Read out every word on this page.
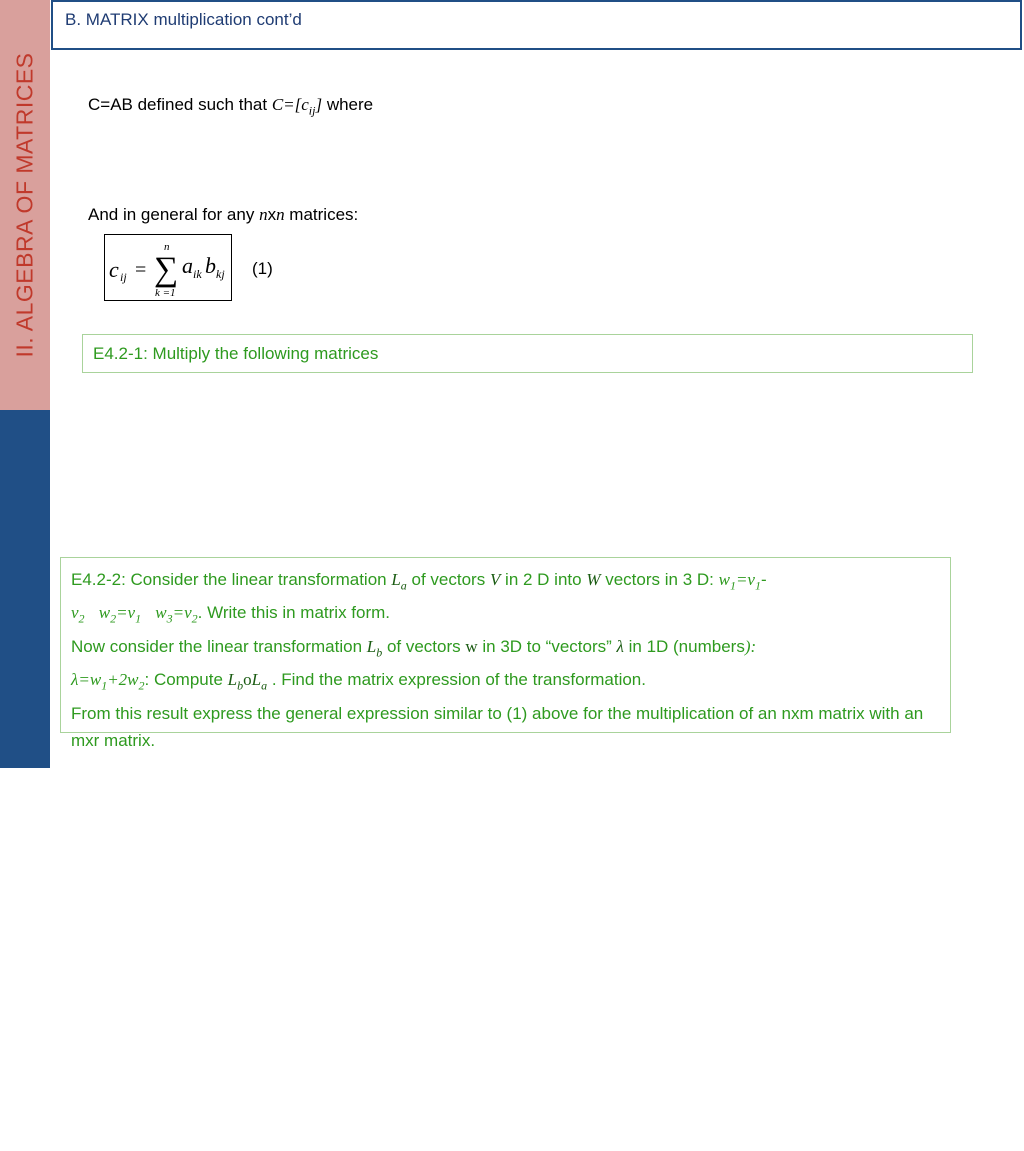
II. ALGEBRA OF MATRICES
PHY 301: MATH AND NUM TECH
B. MATRIX multiplication cont’d
C=AB defined such that $C=[c_{ij}]$ where
And in general for any nxn matrices:
c ij =
n
∑
k =1
a ik b kj (1)
E4.2-1: Multiply the following matrices
E4.2-2: Consider the linear transformation $L_a$ of vectors V in 2 D into W vectors in 3 D: $w_1=v_1-$
$v_2$ $w_2=v_1$ $w_3=v_2$. Write this in matrix form.
Now consider the linear transformation $L_b$ of vectors w in 3D to “vectors” λ in 1D (numbers):
$\lambda=w_1+2w_2$: Compute $L_boL_a$ . Find the matrix expression of the transformation.
From this result express the general expression similar to (1) above for the multiplication of an nxm matrix with an mxr matrix.
